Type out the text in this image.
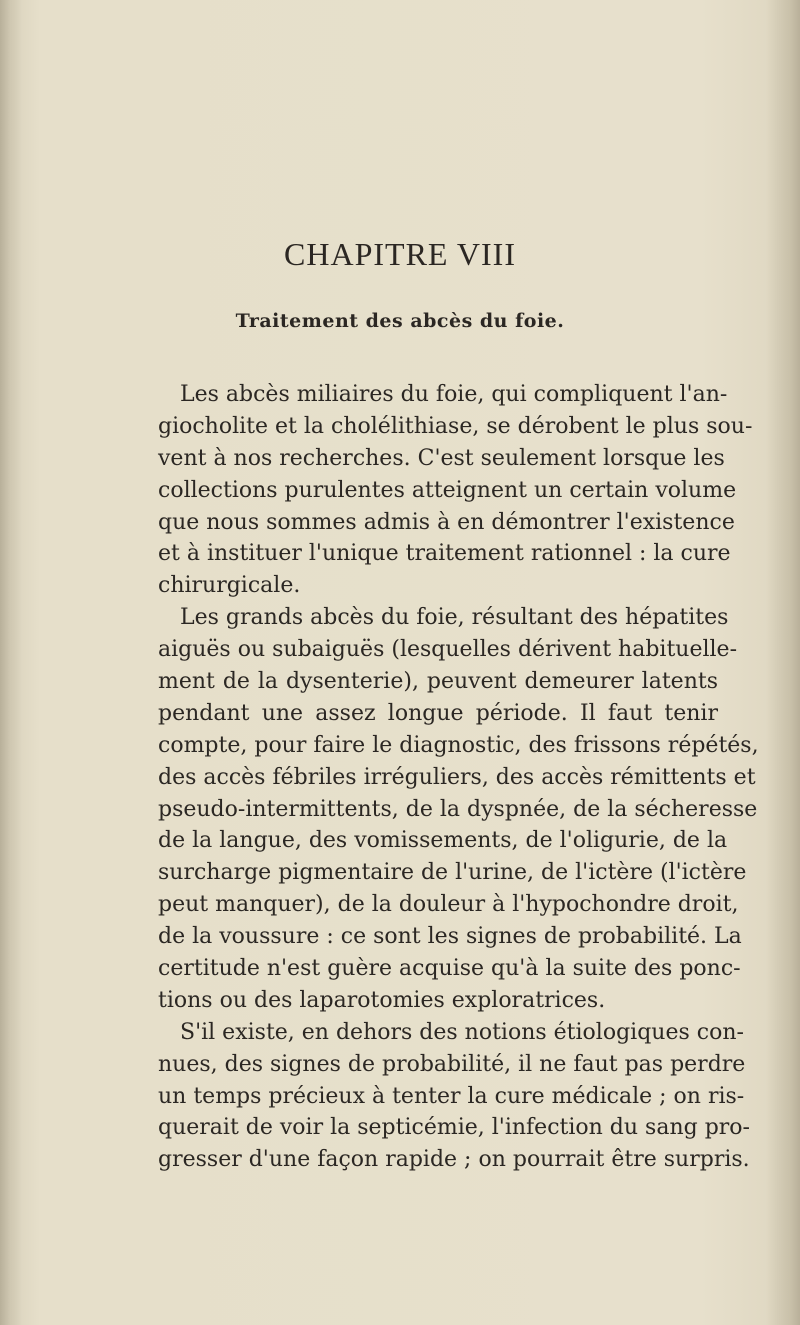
CHAPITRE VIII
Traitement des abcès du foie.
Les abcès miliaires du foie, qui compliquent l'an-
giocholite et la cholélithiase, se dérobent le plus sou-
vent à nos recherches. C'est seulement lorsque les
collections purulentes atteignent un certain volume
que nous sommes admis à en démontrer l'existence
et à instituer l'unique traitement rationnel : la cure
chirurgicale.
Les grands abcès du foie, résultant des hépatites
aiguës ou subaiguës (lesquelles dérivent habituelle-
ment de la dysenterie), peuvent demeurer latents
pendant une assez longue période. Il faut tenir
compte, pour faire le diagnostic, des frissons répétés,
des accès fébriles irréguliers, des accès rémittents et
pseudo-intermittents, de la dyspnée, de la sécheresse
de la langue, des vomissements, de l'oligurie, de la
surcharge pigmentaire de l'urine, de l'ictère (l'ictère
peut manquer), de la douleur à l'hypochondre droit,
de la voussure : ce sont les signes de probabilité. La
certitude n'est guère acquise qu'à la suite des ponc-
tions ou des laparotomies exploratrices.
S'il existe, en dehors des notions étiologiques con-
nues, des signes de probabilité, il ne faut pas perdre
un temps précieux à tenter la cure médicale ; on ris-
querait de voir la septicémie, l'infection du sang pro-
gresser d'une façon rapide ; on pourrait être surpris.
